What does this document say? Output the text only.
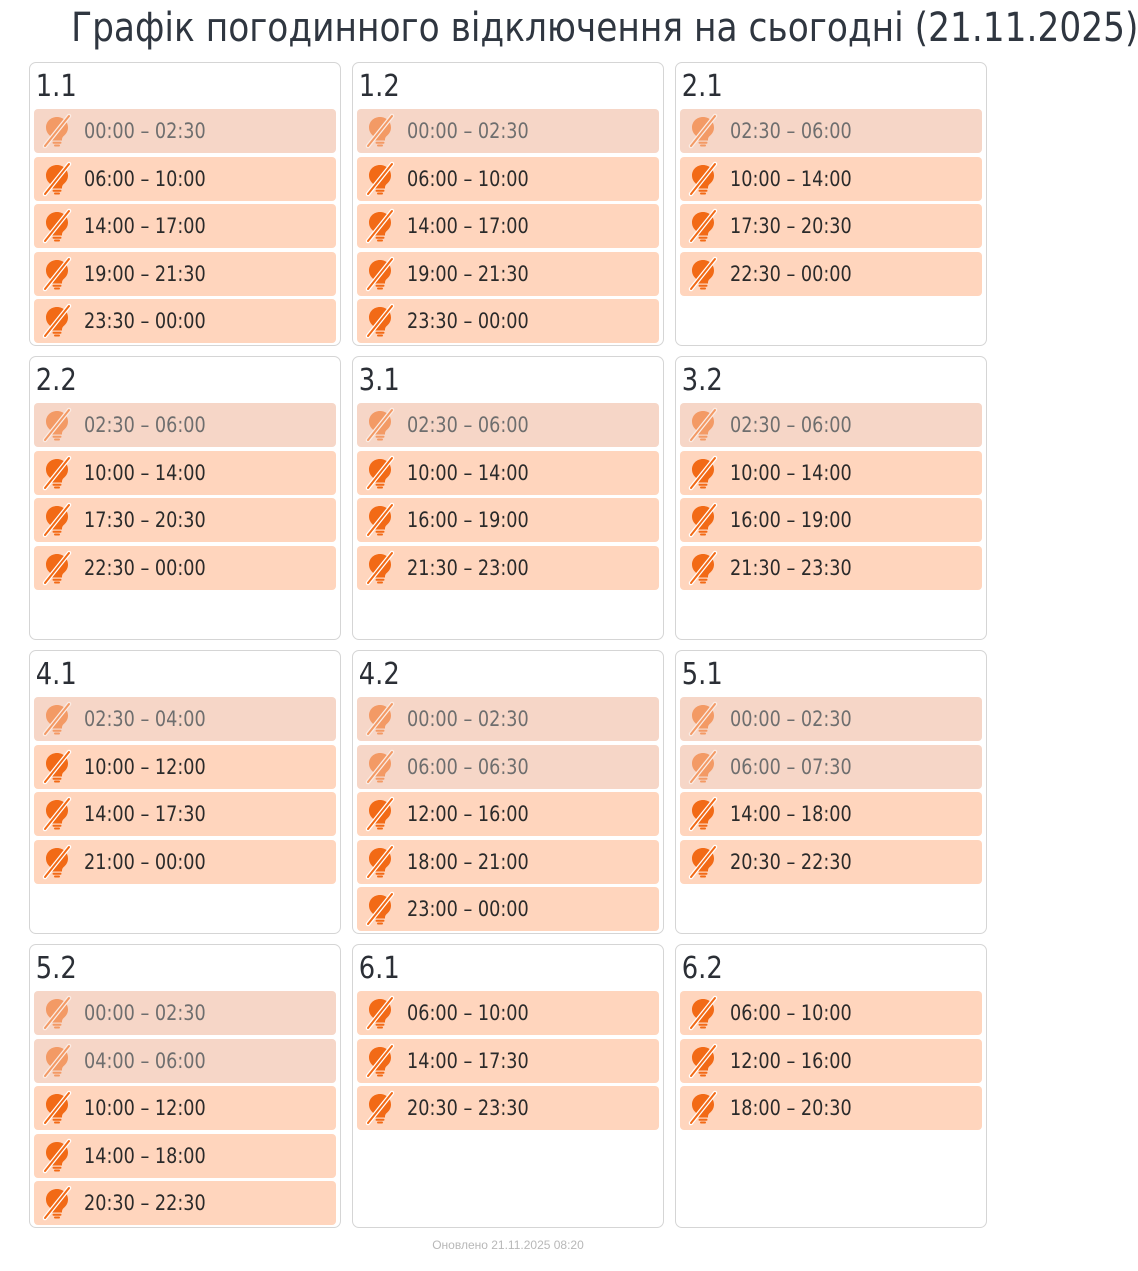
Графік погодинного відключення на сьогодні (21.11.2025)
1.1
00:00 – 02:30
06:00 – 10:00
14:00 – 17:00
19:00 – 21:30
23:30 – 00:00
1.2
00:00 – 02:30
06:00 – 10:00
14:00 – 17:00
19:00 – 21:30
23:30 – 00:00
2.1
02:30 – 06:00
10:00 – 14:00
17:30 – 20:30
22:30 – 00:00
2.2
02:30 – 06:00
10:00 – 14:00
17:30 – 20:30
22:30 – 00:00
3.1
02:30 – 06:00
10:00 – 14:00
16:00 – 19:00
21:30 – 23:00
3.2
02:30 – 06:00
10:00 – 14:00
16:00 – 19:00
21:30 – 23:30
4.1
02:30 – 04:00
10:00 – 12:00
14:00 – 17:30
21:00 – 00:00
4.2
00:00 – 02:30
06:00 – 06:30
12:00 – 16:00
18:00 – 21:00
23:00 – 00:00
5.1
00:00 – 02:30
06:00 – 07:30
14:00 – 18:00
20:30 – 22:30
5.2
00:00 – 02:30
04:00 – 06:00
10:00 – 12:00
14:00 – 18:00
20:30 – 22:30
6.1
06:00 – 10:00
14:00 – 17:30
20:30 – 23:30
6.2
06:00 – 10:00
12:00 – 16:00
18:00 – 20:30
Оновлено 21.11.2025 08:20
